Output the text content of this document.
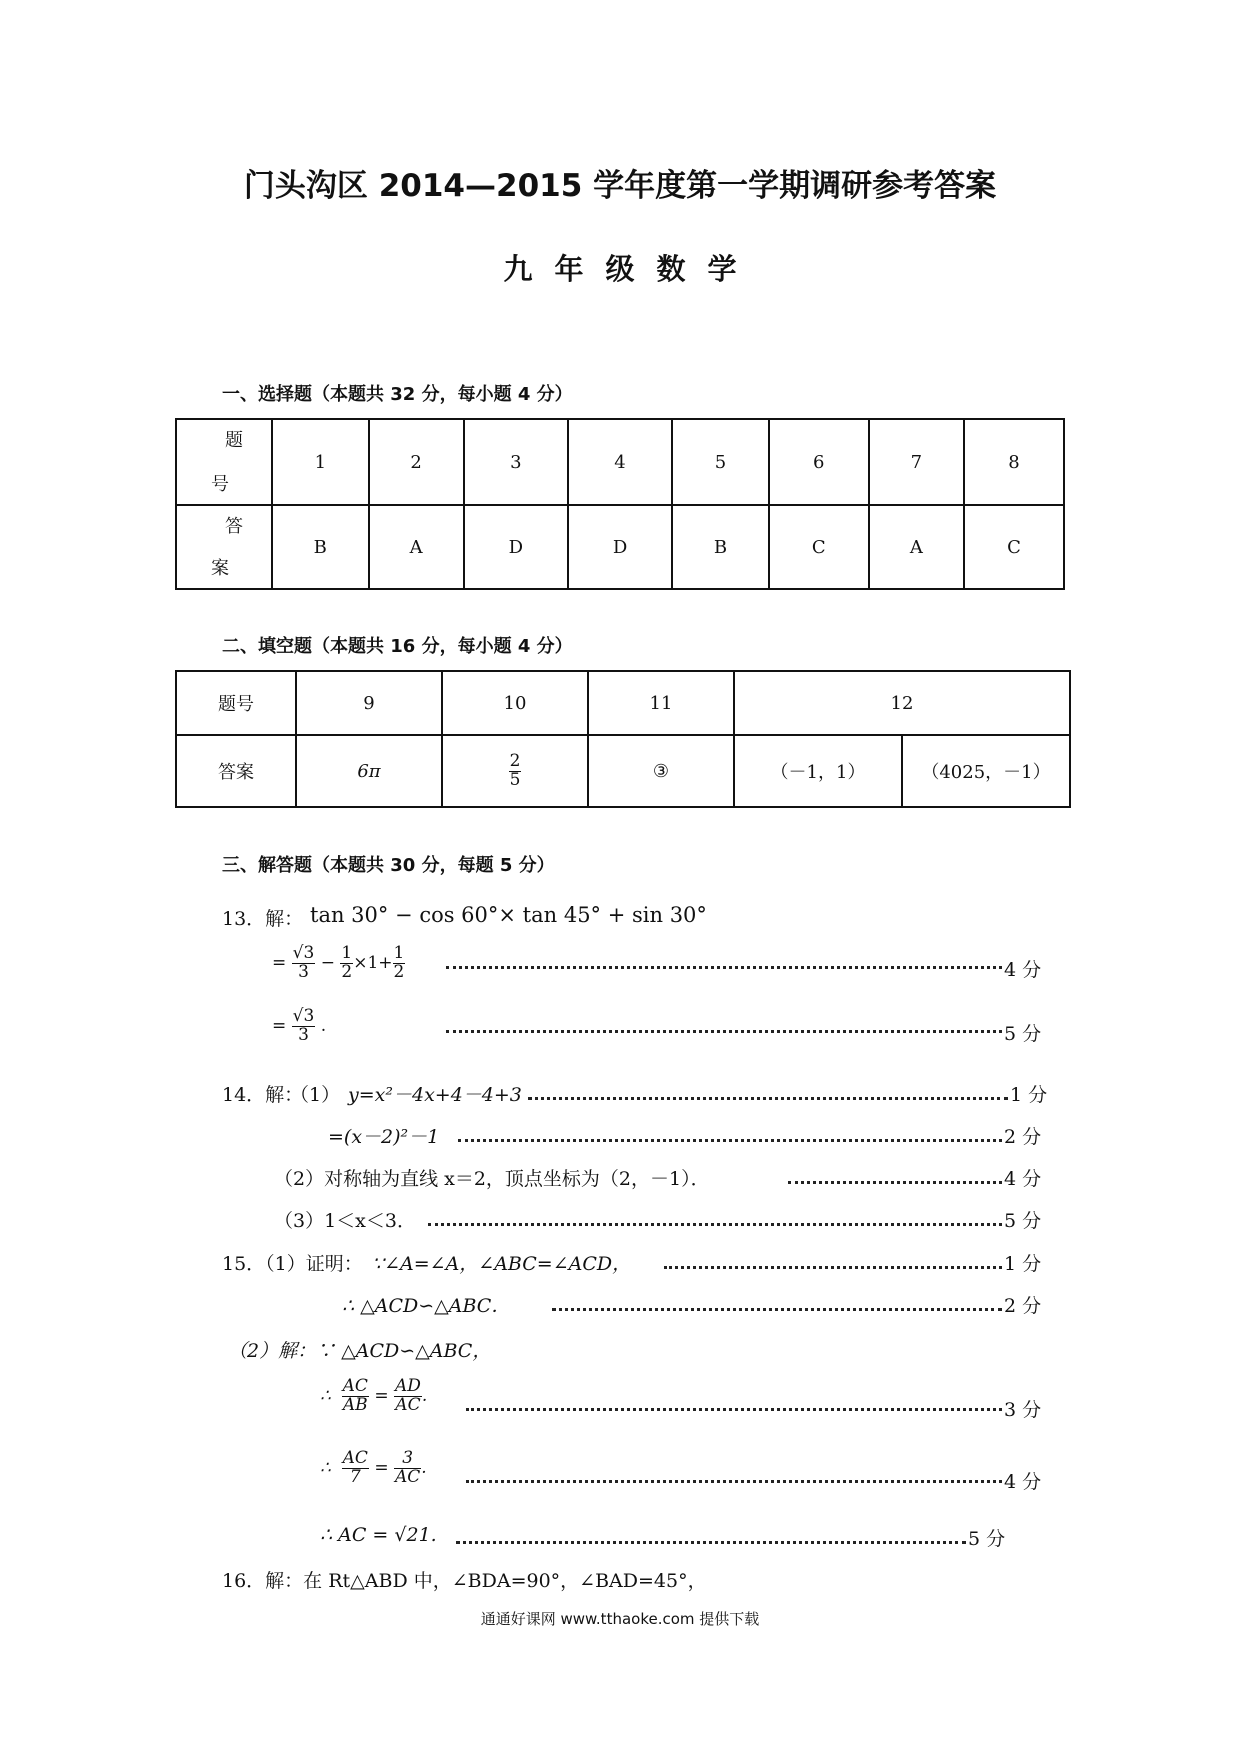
门头沟区 2014—2015 学年度第一学期调研参考答案
九年级数学
一、选择题（本题共 32 分，每小题 4 分）
题
号	1	2	3	4	5	6	7	8

答
案	B	A	D	D	B	C	A	C
二、填空题（本题共 16 分，每小题 4 分）
题号	9	10	11	12	
答案	6π	$\frac{2}{5}$	③	（－1，1）	（4025，－1）
三、解答题（本题共 30 分，每题 5 分）
13．解： tan 30° − cos 60°× tan 45° + sin 30°
= $\frac{√3}{3} - \frac{1}{2} \times 1+ \frac{1}{2}$	4 分
= $\frac{√3}{3}$ .	5 分
14．解：
（1） y=x²－4x+4－4+3	1 分
=(x－2)²－1	2 分
（2）对称轴为直线 x＝2，顶点坐标为（2，－1）．	4 分
（3）1＜x＜3．	5 分
15．（1）证明： ∵∠A=∠A，∠ABC=∠ACD，	1 分
∴ △ACD∽△ABC．	2 分
（2）解：∵ △ACD∽△ABC，
∴ $\frac{AC}{AB} = \frac{AD}{AC}$ .
3 分
∴ $\frac{AC}{7} = \frac{3}{AC}$ .
4 分
∴ AC = √21.	5 分
16．解：在 Rt△ABD 中，∠BDA=90°，∠BAD=45°，
通通好课网 www.tthaoke.com 提供下载
